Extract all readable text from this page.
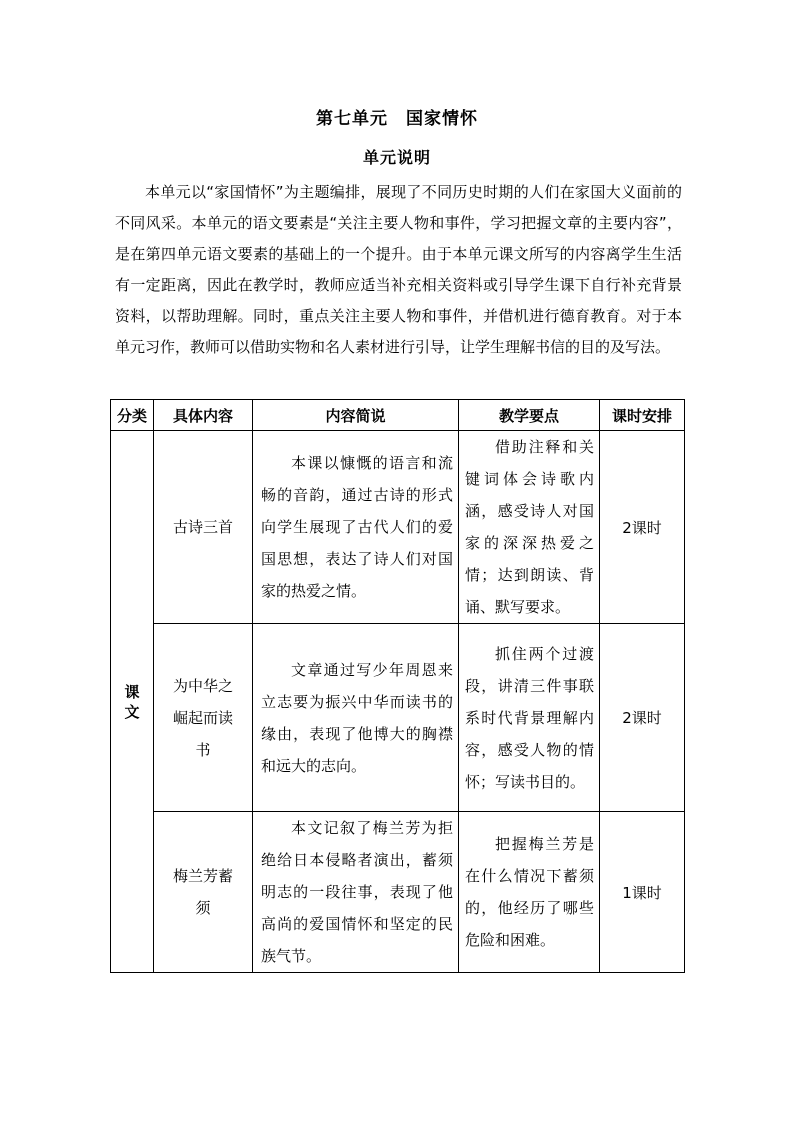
第七单元　国家情怀
单元说明

本单元以“家国情怀”为主题编排，展现了不同历史时期的人们在家国大义面前的不同风采。本单元的语文要素是“关注主要人物和事件，学习把握文章的主要内容”，是在第四单元语文要素的基础上的一个提升。由于本单元课文所写的内容离学生生活有一定距离，因此在教学时，教师应适当补充相关资料或引导学生课下自行补充背景资料，以帮助理解。同时，重点关注主要人物和事件，并借机进行德育教育。对于本单元习作，教师可以借助实物和名人素材进行引导，让学生理解书信的目的及写法。

分类	具体内容	内容简说	教学要点	课时安排
课文	古诗三首	本课以慷慨的语言和流畅的音韵，通过古诗的形式向学生展现了古代人们的爱国思想，表达了诗人们对国家的热爱之情。	借助注释和关键词体会诗歌内涵，感受诗人对国家的深深热爱之情；达到朗读、背诵、默写要求。	2课时
	为中华之崛起而读书	文章通过写少年周恩来立志要为振兴中华而读书的缘由，表现了他博大的胸襟和远大的志向。	抓住两个过渡段，讲清三件事联系时代背景理解内容，感受人物的情怀；写读书目的。	2课时
	梅兰芳蓄须	本文记叙了梅兰芳为拒绝给日本侵略者演出，蓄须明志的一段往事，表现了他高尚的爱国情怀和坚定的民族气节。	把握梅兰芳是在什么情况下蓄须的，他经历了哪些危险和困难。	1课时
